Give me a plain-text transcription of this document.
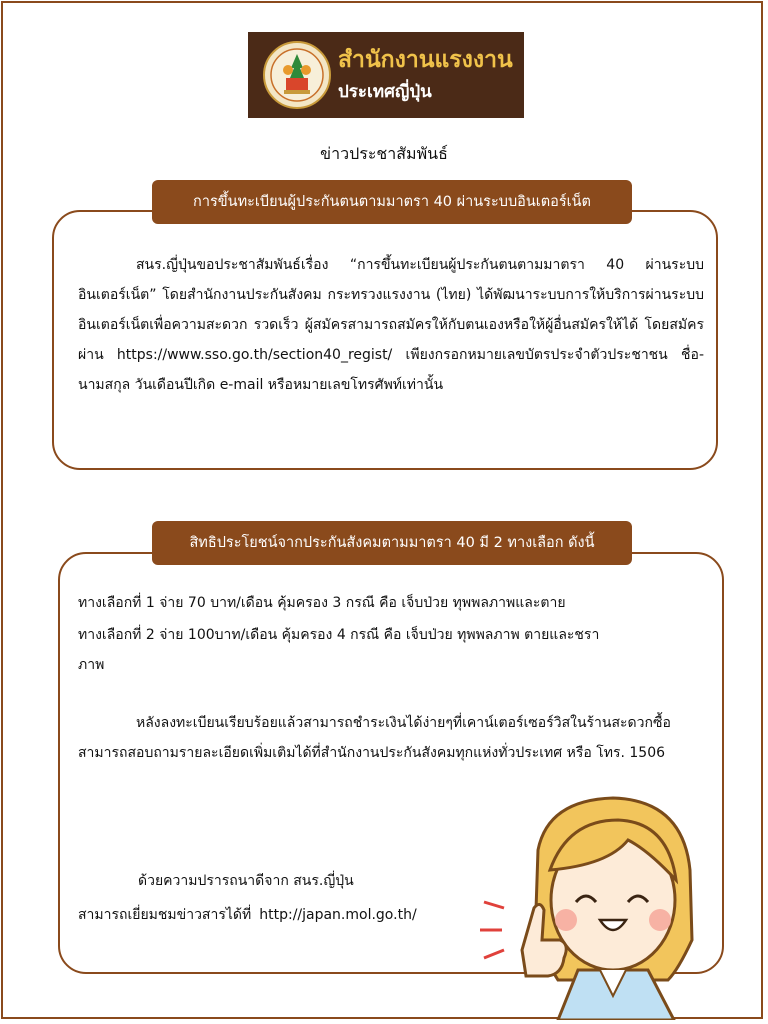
สำนักงานแรงงาน
ประเทศญี่ปุ่น
ข่าวประชาสัมพันธ์
การขึ้นทะเบียนผู้ประกันตนตามมาตรา 40 ผ่านระบบอินเตอร์เน็ต

สนร.ญี่ปุ่นขอประชาสัมพันธ์เรื่อง “การขึ้นทะเบียนผู้ประกันตนตามมาตรา 40 ผ่านระบบอินเตอร์เน็ต” โดยสำนักงานประกันสังคม กระทรวงแรงงาน (ไทย) ได้พัฒนาระบบการให้บริการผ่านระบบอินเตอร์เน็ตเพื่อความสะดวก รวดเร็ว ผู้สมัครสามารถสมัครให้กับตนเองหรือให้ผู้อื่นสมัครให้ได้ โดยสมัครผ่าน https://www.sso.go.th/section40_regist/ เพียงกรอกหมายเลขบัตรประจำตัวประชาชน ชื่อ-นามสกุล วันเดือนปีเกิด e-mail หรือหมายเลขโทรศัพท์เท่านั้น

สิทธิประโยชน์จากประกันสังคมตามมาตรา 40 มี 2 ทางเลือก ดังนี้
ทางเลือกที่ 1 จ่าย 70 บาท/เดือน คุ้มครอง 3 กรณี คือ เจ็บป่วย ทุพพลภาพและตาย
ทางเลือกที่ 2 จ่าย 100บาท/เดือน คุ้มครอง 4 กรณี คือ เจ็บป่วย ทุพพลภาพ ตายและชรา
ภาพ

หลังลงทะเบียนเรียบร้อยแล้วสามารถชำระเงินได้ง่ายๆที่เคาน์เตอร์เซอร์วิสในร้านสะดวกซื้อ สามารถสอบถามรายละเอียดเพิ่มเติมได้ที่สำนักงานประกันสังคมทุกแห่งทั่วประเทศ หรือ โทร. 1506

ด้วยความปรารถนาดีจาก สนร.ญี่ปุ่น
สามารถเยี่ยมชมข่าวสารได้ที่ http://japan.mol.go.th/
